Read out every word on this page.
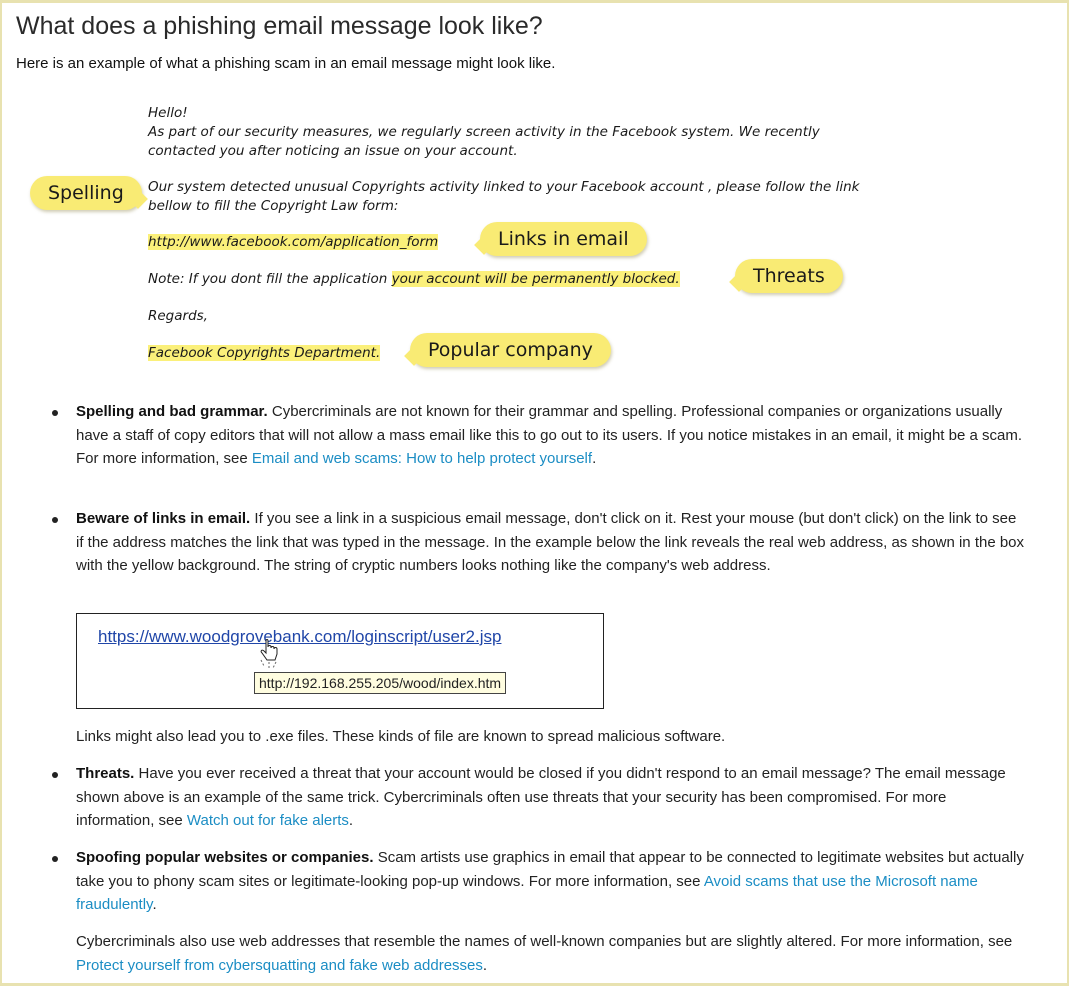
What does a phishing email message look like?
Here is an example of what a phishing scam in an email message might look like.
Hello!
As part of our security measures, we regularly screen activity in the Facebook system. We recently
contacted you after noticing an issue on your account.
Our system detected unusual Copyrights activity linked to your Facebook account , please follow the link
bellow to fill the Copyright Law form:
http://www.facebook.com/application_form
Note: If you dont fill the application your account will be permanently blocked.
Regards,
Facebook Copyrights Department.
Spelling
Links in email
Threats
Popular company
Spelling and bad grammar. Cybercriminals are not known for their grammar and spelling. Professional companies or organizations usually have a staff of copy editors that will not allow a mass email like this to go out to its users. If you notice mistakes in an email, it might be a scam. For more information, see Email and web scams: How to help protect yourself.
Beware of links in email. If you see a link in a suspicious email message, don't click on it. Rest your mouse (but don't click) on the link to see if the address matches the link that was typed in the message. In the example below the link reveals the real web address, as shown in the box with the yellow background. The string of cryptic numbers looks nothing like the company's web address.
https://www.woodgrovebank.com/loginscript/user2.jsp
http://192.168.255.205/wood/index.htm
Links might also lead you to .exe files. These kinds of file are known to spread malicious software.
Threats. Have you ever received a threat that your account would be closed if you didn't respond to an email message? The email message shown above is an example of the same trick. Cybercriminals often use threats that your security has been compromised. For more information, see Watch out for fake alerts.
Spoofing popular websites or companies. Scam artists use graphics in email that appear to be connected to legitimate websites but actually take you to phony scam sites or legitimate-looking pop-up windows. For more information, see Avoid scams that use the Microsoft name fraudulently.
Cybercriminals also use web addresses that resemble the names of well-known companies but are slightly altered. For more information, see Protect yourself from cybersquatting and fake web addresses.
